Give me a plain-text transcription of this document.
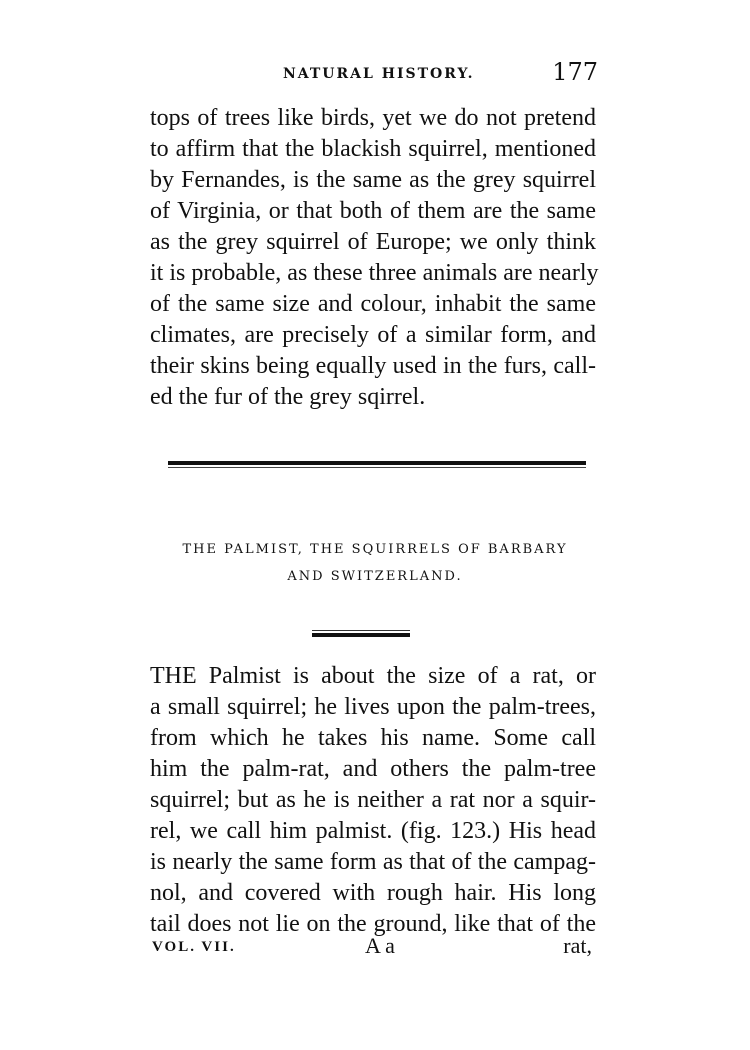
NATURAL HISTORY.	177
tops of trees like birds, yet we do not pretend
to affirm that the blackish squirrel, mentioned
by Fernandes, is the same as the grey squirrel
of Virginia, or that both of them are the same
as the grey squirrel of Europe; we only think
it is probable, as these three animals are nearly
of the same size and colour, inhabit the same
climates, are precisely of a similar form, and
their skins being equally used in the furs, call-
ed the fur of the grey sqirrel.
THE PALMIST, THE SQUIRRELS OF BARBARY
AND SWITZERLAND.
THE Palmist is about the size of a rat, or
a small squirrel; he lives upon the palm-trees,
from which he takes his name. Some call
him the palm-rat, and others the palm-tree
squirrel; but as he is neither a rat nor a squir-
rel, we call him palmist. (fig. 123.) His head
is nearly the same form as that of the campag-
nol, and covered with rough hair. His long
tail does not lie on the ground, like that of the
VOL. VII.	A a	rat,
